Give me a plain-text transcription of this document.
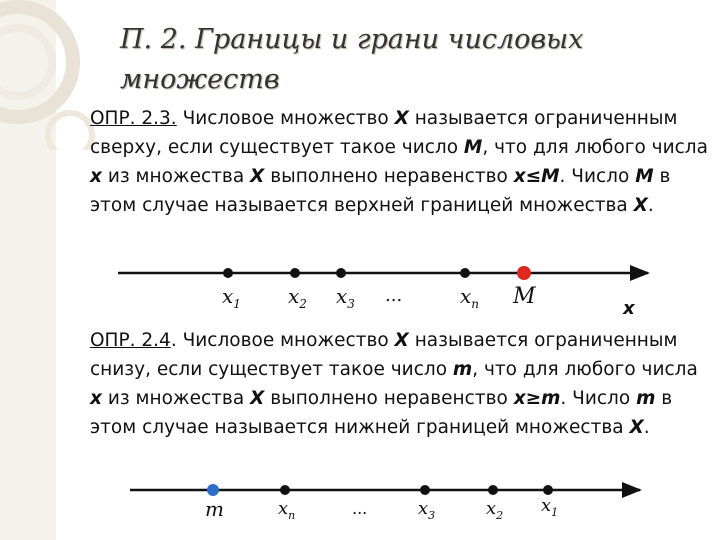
П. 2. Границы и грани числовых множеств

ОПР. 2.3. Числовое множество X называется ограниченным сверху, если существует такое число M, что для любого числа x из множества X выполнено неравенство x≤M. Число M в этом случае называется верхней границей множества X.

$x_1$ $x_2$ $x_3$ ...	$x_n$ M	x

ОПР. 2.4. Числовое множество X называется ограниченным снизу, если существует такое число m, что для любого числа x из множества X выполнено неравенство x≥m. Число m в этом случае называется нижней границей множества X.

m	$x_n$	...	$x_3$	$x_2$ $x_1$
